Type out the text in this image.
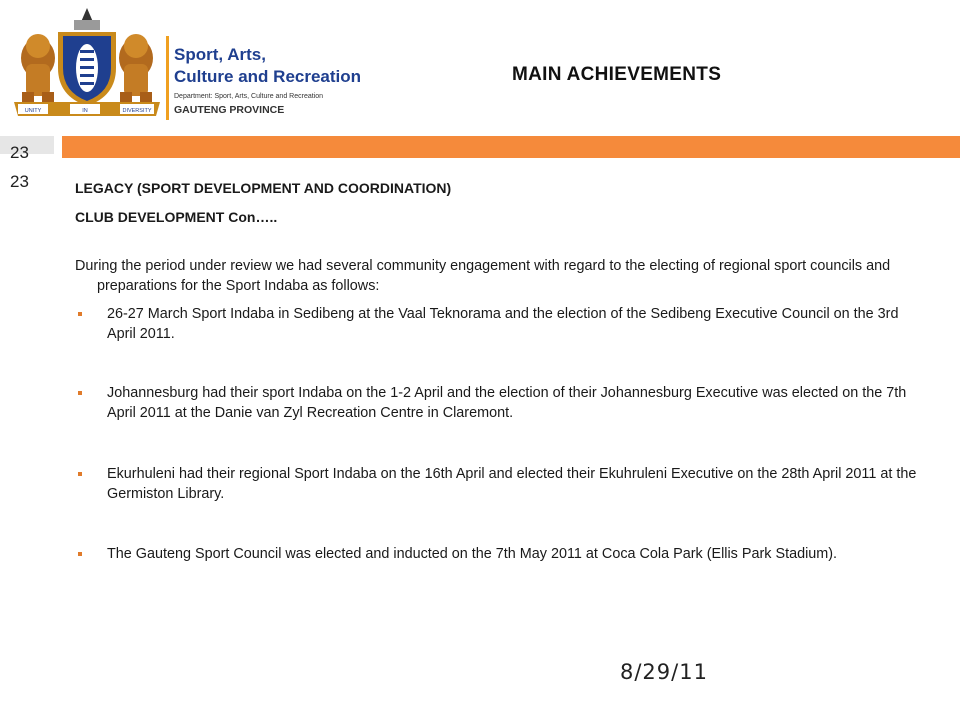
UNITY	IN	DIVERSITY
Sport, Arts,
Culture and Recreation
Department: Sport, Arts, Culture and Recreation
GAUTENG PROVINCE
MAIN ACHIEVEMENTS
23
23	LEGACY (SPORT DEVELOPMENT AND COORDINATION)

CLUB DEVELOPMENT Con…..

During the period under review we had several community engagement with regard to the electing of regional sport councils and preparations for the Sport Indaba as follows:

26-27 March Sport Indaba in Sedibeng at the Vaal Teknorama and the election of the Sedibeng Executive Council on the 3rd April 2011.
Johannesburg had their sport Indaba on the 1-2 April and the election of their Johannesburg Executive was elected on the 7th April 2011 at the Danie van Zyl Recreation Centre in Claremont.
Ekurhuleni had their regional Sport Indaba on the 16th April and elected their Ekuhruleni Executive on the 28th April 2011 at the Germiston Library.
The Gauteng Sport Council was elected and inducted on the 7th May 2011 at Coca Cola Park (Ellis Park Stadium).
8/29/11
